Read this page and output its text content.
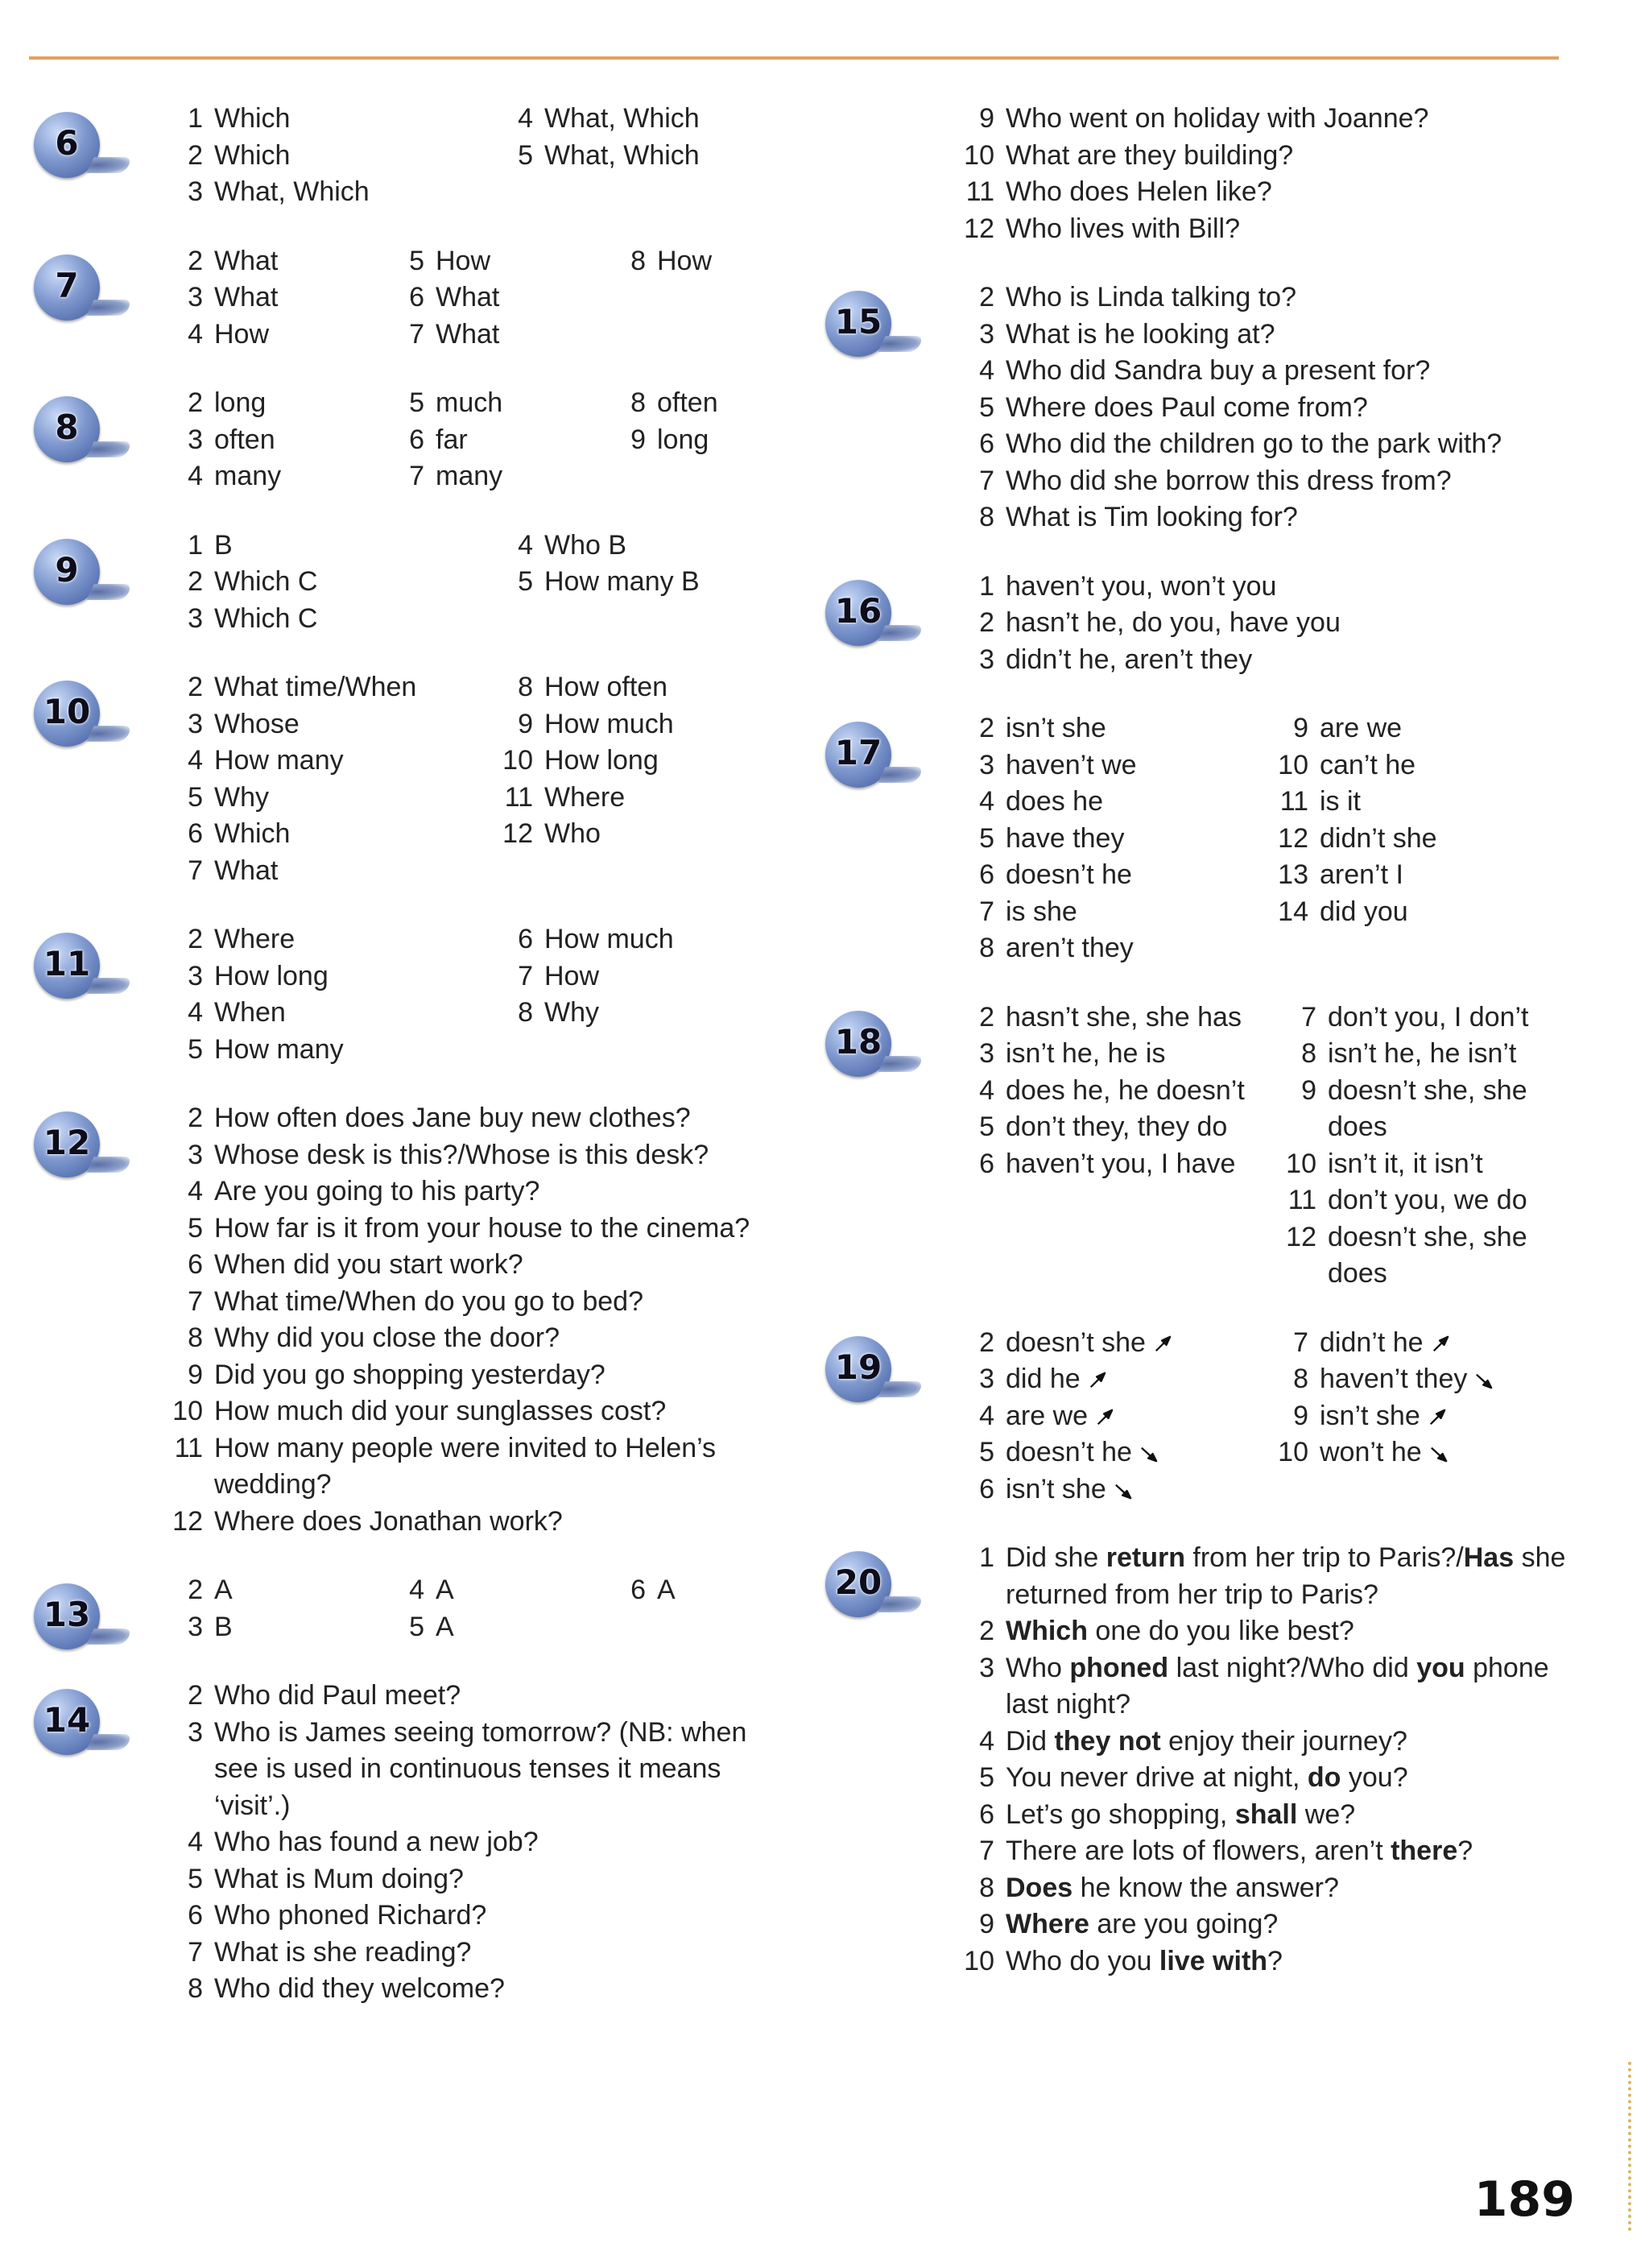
6
1 Which	4 What, Which
2 Which	5 What, Which
3 What, Which
7
2 What	5 How	8 How
3 What	6 What
4 How	7 What
8
2 long	5 much	8 often
3 often	6 far	9 long
4 many	7 many
9
1 B	4 Who B
2 Which C	5 How many B
3 Which C
10
2 What time/When	8 How often
3 Whose	9 How much
4 How many	10 How long
5 Why	11 Where
6 Which	12 Who
7 What
11
2 Where	6 How much
3 How long	7 How
4 When	8 Why
5 How many
12
2 How often does Jane buy new clothes?
3 Whose desk is this?/Whose is this desk?
4 Are you going to his party?
5 How far is it from your house to the cinema?
6 When did you start work?
7 What time/When do you go to bed?
8 Why did you close the door?
9 Did you go shopping yesterday?
10 How much did your sunglasses cost?
11 How many people were invited to Helen’s wedding?
12 Where does Jonathan work?
13
2 A	4 A	6 A
3 B	5 A
14
2 Who did Paul meet?
3 Who is James seeing tomorrow? (NB: when see is used in continuous tenses it means ‘visit’.)
4 Who has found a new job?
5 What is Mum doing?
6 Who phoned Richard?
7 What is she reading?
8 Who did they welcome?
9 Who went on holiday with Joanne?
10 What are they building?
11 Who does Helen like?
12 Who lives with Bill?
15
2 Who is Linda talking to?
3 What is he looking at?
4 Who did Sandra buy a present for?
5 Where does Paul come from?
6 Who did the children go to the park with?
7 Who did she borrow this dress from?
8 What is Tim looking for?
16
1 haven’t you, won’t you
2 hasn’t he, do you, have you
3 didn’t he, aren’t they
17
2 isn’t she	9 are we
3 haven’t we	10 can’t he
4 does he	11 is it
5 have they	12 didn’t she
6 doesn’t he	13 aren’t I
7 is she	14 did you
8 aren’t they
18
2 hasn’t she, she has
3 isn’t he, he is
4 does he, he doesn’t
5 don’t they, they do
6 haven’t you, I have
7 don’t you, I don’t
8 isn’t he, he isn’t
9 doesn’t she, she does
10 isn’t it, it isn’t
11 don’t you, we do
12 doesn’t she, she does
19
2 doesn’t she	7 didn’t he
3 did he	8 haven’t they
4 are we	9 isn’t she
5 doesn’t he	10 won’t he
6 isn’t she
20
1 Did she return from her trip to Paris?/Has she returned from her trip to Paris?
2 Which one do you like best?
3 Who phoned last night?/Who did you phone last night?
4 Did they not enjoy their journey?
5 You never drive at night, do you?
6 Let’s go shopping, shall we?
7 There are lots of flowers, aren’t there?
8 Does he know the answer?
9 Where are you going?
10 Who do you live with?
189
